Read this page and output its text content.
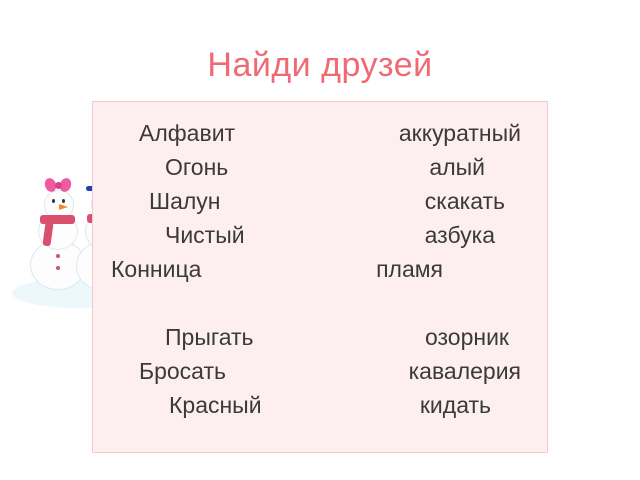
Найди друзей
Алфавит	аккуратный
Огонь	алый
Шалун	скакать
Чистый	азбука
Конница	пламя
Прыгать	озорник
Бросать	кавалерия
Красный	кидать
